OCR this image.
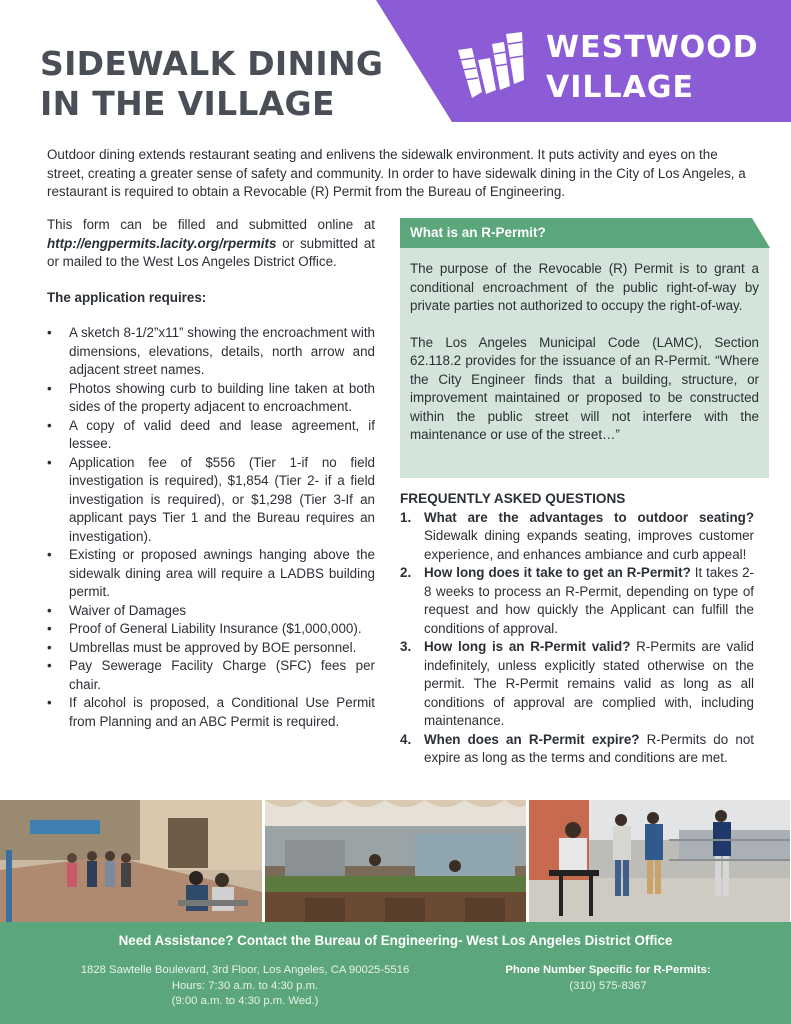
SIDEWALK DINING
IN THE VILLAGE
WESTWOOD
VILLAGE

Outdoor dining extends restaurant seating and enlivens the sidewalk environment. It puts activity and eyes on the street, creating a greater sense of safety and community. In order to have sidewalk dining in the City of Los Angeles, a restaurant is required to obtain a Revocable (R) Permit from the Bureau of Engineering.

This form can be filled and submitted online at http://engpermits.lacity.org/rpermits or submitted at or mailed to the West Los Angeles District Office.

The application requires:
• A sketch 8-1/2”x11” showing the encroachment with dimensions, elevations, details, north arrow and adjacent street names.
• Photos showing curb to building line taken at both sides of the property adjacent to encroachment.
• A copy of valid deed and lease agreement, if lessee.
• Application fee of $556 (Tier 1-if no field investigation is required), $1,854 (Tier 2- if a field investigation is required), or $1,298 (Tier 3-If an applicant pays Tier 1 and the Bureau requires an investigation).
• Existing or proposed awnings hanging above the sidewalk dining area will require a LADBS building permit.
• Waiver of Damages
• Proof of General Liability Insurance ($1,000,000).
• Umbrellas must be approved by BOE personnel.
• Pay Sewerage Facility Charge (SFC) fees per chair.
• If alcohol is proposed, a Conditional Use Permit from Planning and an ABC Permit is required.
What is an R-Permit?

The purpose of the Revocable (R) Permit is to grant a conditional encroachment of the public right-of-way by private parties not authorized to occupy the right-of-way.

The Los Angeles Municipal Code (LAMC), Section 62.118.2 provides for the issuance of an R-Permit. “Where the City Engineer finds that a building, structure, or improvement maintained or proposed to be constructed within the public street will not interfere with the maintenance or use of the street…”

FREQUENTLY ASKED QUESTIONS
1. What are the advantages to outdoor seating? Sidewalk dining expands seating, improves customer experience, and enhances ambiance and curb appeal!
2. How long does it take to get an R-Permit? It takes 2-8 weeks to process an R-Permit, depending on type of request and how quickly the Applicant can fulfill the conditions of approval.
3. How long is an R-Permit valid? R-Permits are valid indefinitely, unless explicitly stated otherwise on the permit. The R-Permit remains valid as long as all conditions of approval are complied with, including maintenance.
4. When does an R-Permit expire? R-Permits do not expire as long as the terms and conditions are met.
Need Assistance? Contact the Bureau of Engineering- West Los Angeles District Office
1828 Sawtelle Boulevard, 3rd Floor, Los Angeles, CA 90025-5516
Hours: 7:30 a.m. to 4:30 p.m.
(9:00 a.m. to 4:30 p.m. Wed.)
Phone Number Specific for R-Permits:
(310) 575-8367
